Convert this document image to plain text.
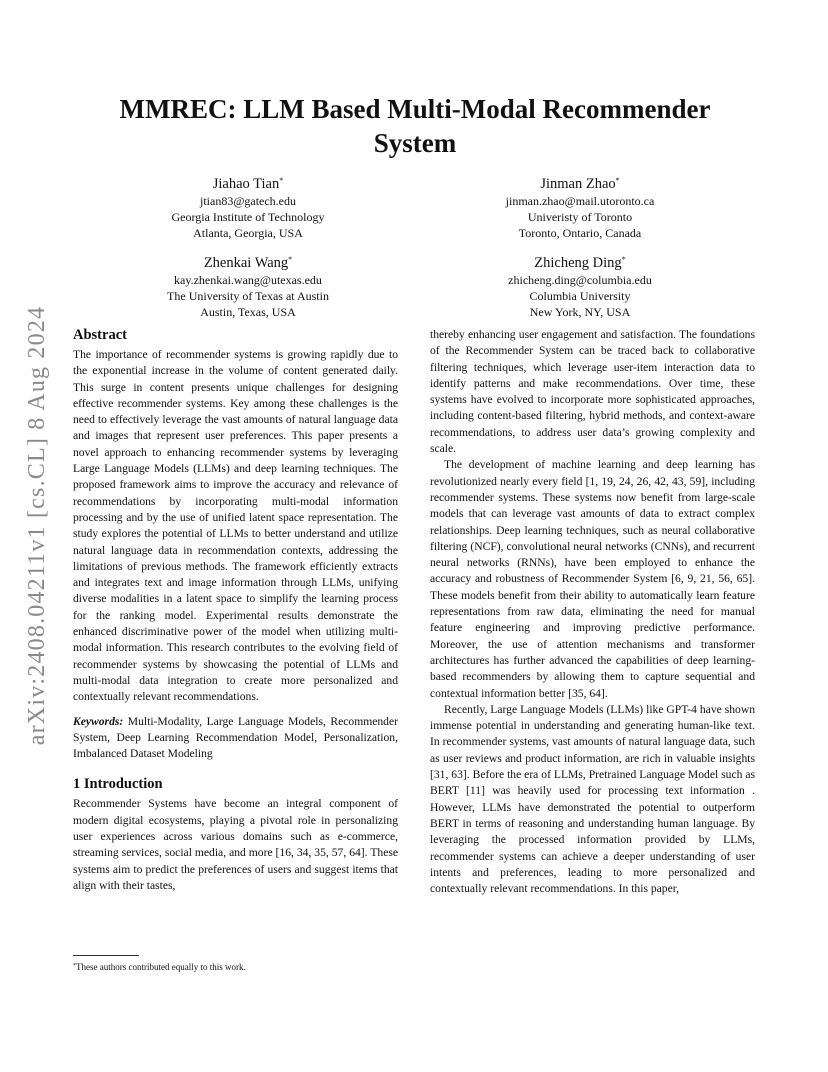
arXiv:2408.04211v1 [cs.CL] 8 Aug 2024
MMREC: LLM Based Multi-Modal Recommender System
Jiahao Tian*
jtian83@gatech.edu
Georgia Institute of Technology
Atlanta, Georgia, USA
Jinman Zhao*
jinman.zhao@mail.utoronto.ca
Univeristy of Toronto
Toronto, Ontario, Canada
Zhenkai Wang*
kay.zhenkai.wang@utexas.edu
The University of Texas at Austin
Austin, Texas, USA
Zhicheng Ding*
zhicheng.ding@columbia.edu
Columbia University
New York, NY, USA
Abstract

The importance of recommender systems is growing rapidly due to the exponential increase in the volume of content generated daily. This surge in content presents unique challenges for designing effective recommender systems. Key among these challenges is the need to effectively leverage the vast amounts of natural language data and images that represent user preferences. This paper presents a novel approach to enhancing recommender systems by leveraging Large Language Models (LLMs) and deep learning techniques. The proposed framework aims to improve the accuracy and relevance of recommendations by incorporating multi-modal information processing and by the use of unified latent space representation. The study explores the potential of LLMs to better understand and utilize natural language data in recommendation contexts, addressing the limitations of previous methods. The framework efficiently extracts and integrates text and image information through LLMs, unifying diverse modalities in a latent space to simplify the learning process for the ranking model. Experimental results demonstrate the enhanced discriminative power of the model when utilizing multi-modal information. This research contributes to the evolving field of recommender systems by showcasing the potential of LLMs and multi-modal data integration to create more personalized and contextually relevant recommendations.

Keywords: Multi-Modality, Large Language Models, Recommender System, Deep Learning Recommendation Model, Personalization, Imbalanced Dataset Modeling

1 Introduction

Recommender Systems have become an integral component of modern digital ecosystems, playing a pivotal role in personalizing user experiences across various domains such as e-commerce, streaming services, social media, and more [16, 34, 35, 57, 64]. These systems aim to predict the preferences of users and suggest items that align with their tastes,

thereby enhancing user engagement and satisfaction. The foundations of the Recommender System can be traced back to collaborative filtering techniques, which leverage user-item interaction data to identify patterns and make recommendations. Over time, these systems have evolved to incorporate more sophisticated approaches, including content-based filtering, hybrid methods, and context-aware recommendations, to address user data’s growing complexity and scale.

The development of machine learning and deep learning has revolutionized nearly every field [1, 19, 24, 26, 42, 43, 59], including recommender systems. These systems now benefit from large-scale models that can leverage vast amounts of data to extract complex relationships. Deep learning techniques, such as neural collaborative filtering (NCF), convolutional neural networks (CNNs), and recurrent neural networks (RNNs), have been employed to enhance the accuracy and robustness of Recommender System [6, 9, 21, 56, 65]. These models benefit from their ability to automatically learn feature representations from raw data, eliminating the need for manual feature engineering and improving predictive performance. Moreover, the use of attention mechanisms and transformer architectures has further advanced the capabilities of deep learning-based recommenders by allowing them to capture sequential and contextual information better [35, 64].

Recently, Large Language Models (LLMs) like GPT-4 have shown immense potential in understanding and generating human-like text. In recommender systems, vast amounts of natural language data, such as user reviews and product information, are rich in valuable insights [31, 63]. Before the era of LLMs, Pretrained Language Model such as BERT [11] was heavily used for processing text information . However, LLMs have demonstrated the potential to outperform BERT in terms of reasoning and understanding human language. By leveraging the processed information provided by LLMs, recommender systems can achieve a deeper understanding of user intents and preferences, leading to more personalized and contextually relevant recommendations. In this paper,

*These authors contributed equally to this work.
